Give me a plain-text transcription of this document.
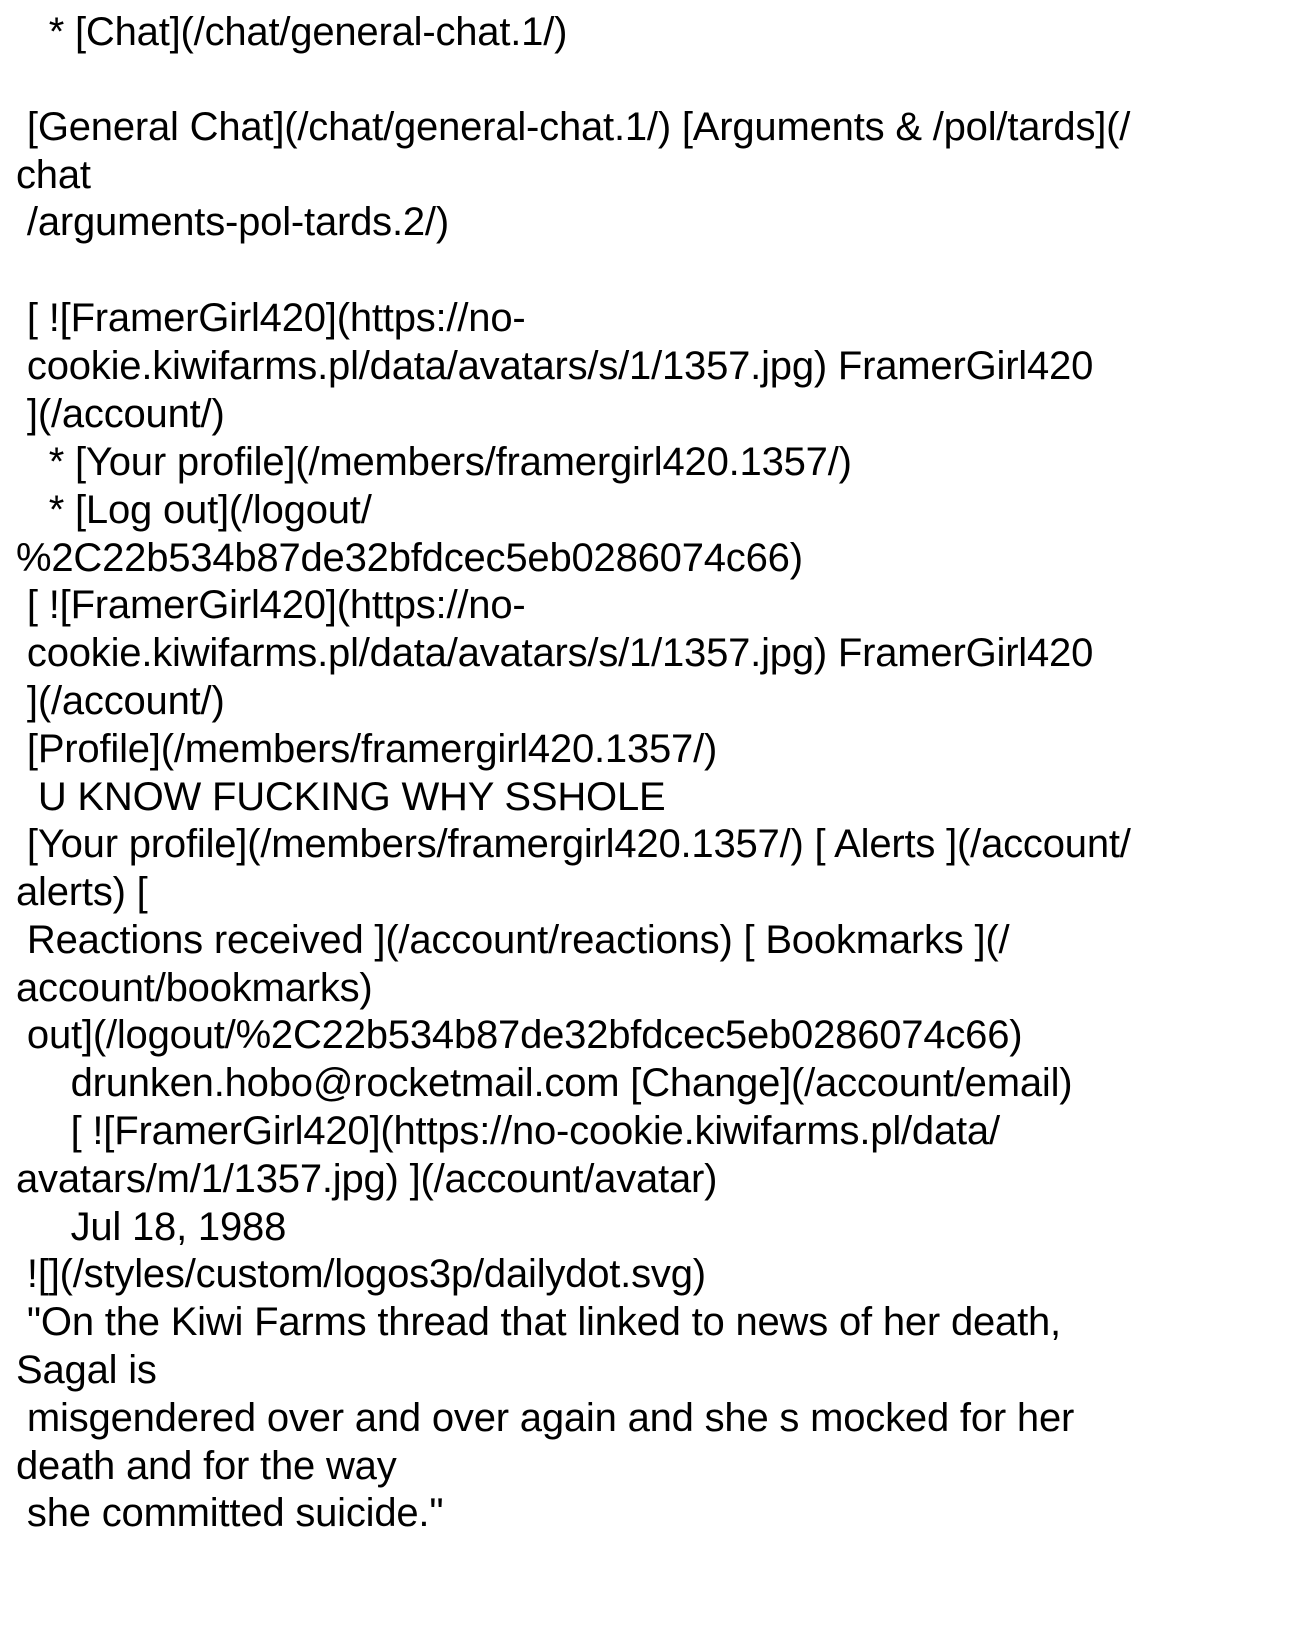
* [Chat](/chat/general-chat.1/)
[General Chat](/chat/general-chat.1/) [Arguments & /pol/tards](/
chat
/arguments-pol-tards.2/)
[ ![FramerGirl420](https://no-
cookie.kiwifarms.pl/data/avatars/s/1/1357.jpg) FramerGirl420
](/account/)
* [Your profile](/members/framergirl420.1357/)
* [Log out](/logout/
%2C22b534b87de32bfdcec5eb0286074c66)
[ ![FramerGirl420](https://no-
cookie.kiwifarms.pl/data/avatars/s/1/1357.jpg) FramerGirl420
](/account/)
[Profile](/members/framergirl420.1357/)
U KNOW FUCKING WHY SSHOLE
[Your profile](/members/framergirl420.1357/) [ Alerts ](/account/
alerts) [
Reactions received ](/account/reactions) [ Bookmarks ](/
account/bookmarks)
out](/logout/%2C22b534b87de32bfdcec5eb0286074c66)
drunken.hobo@rocketmail.com [Change](/account/email)
[ ![FramerGirl420](https://no-cookie.kiwifarms.pl/data/
avatars/m/1/1357.jpg) ](/account/avatar)
Jul 18, 1988
![](/styles/custom/logos3p/dailydot.svg)
"On the Kiwi Farms thread that linked to news of her death,
Sagal is
misgendered over and over again and she s mocked for her
death and for the way
she committed suicide."
